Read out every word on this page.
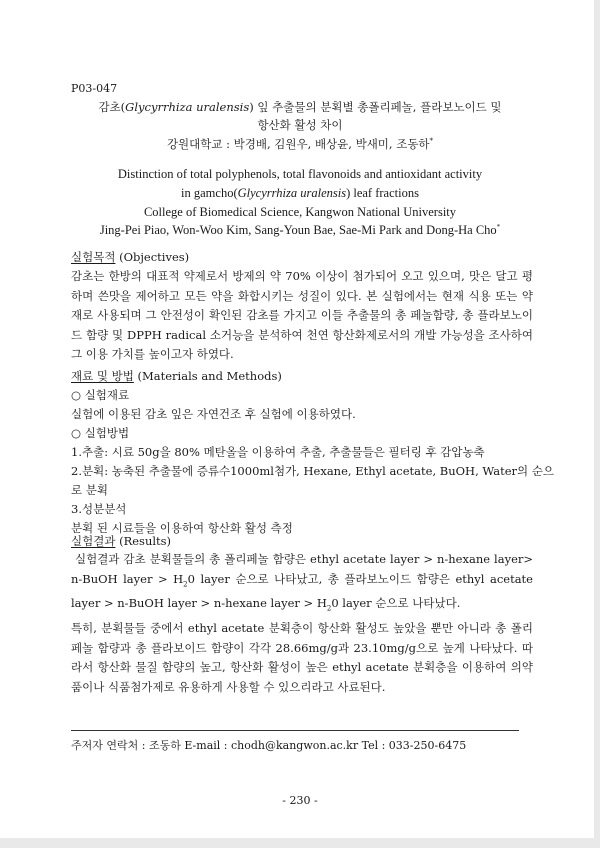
P03-047
감초(Glycyrrhiza uralensis) 잎 추출물의 분획별 총폴리페놀, 플라보노이드 및
항산화 활성 차이
강원대학교 : 박경배, 김원우, 배상윤, 박새미, 조동하*
Distinction of total polyphenols, total flavonoids and antioxidant activity
in gamcho(Glycyrrhiza uralensis) leaf fractions
College of Biomedical Science, Kangwon National University
Jing-Pei Piao, Won-Woo Kim, Sang-Youn Bae, Sae-Mi Park and Dong-Ha Cho*
실험목적 (Objectives)
감초는 한방의 대표적 약제로서 방제의 약 70% 이상이 첨가되어 오고 있으며, 맛은 달고 평하며 쓴맛을 제어하고 모든 약을 화합시키는 성질이 있다. 본 실험에서는 현재 식용 또는 약재로 사용되며 그 안전성이 확인된 감초를 가지고 이들 추출물의 총 페놀함량, 총 플라보노이드 함량 및 DPPH radical 소거능을 분석하여 천연 항산화제로서의 개발 가능성을 조사하여 그 이용 가치를 높이고자 하였다.
재료 및 방법 (Materials and Methods)
○ 실험재료
실험에 이용된 감초 잎은 자연건조 후 실험에 이용하였다.
○ 실험방법
1.추출: 시료 50g을 80% 메탄올을 이용하여 추출, 추출물들은 필터링 후 감압농축
2.분획: 농축된 추출물에 증류수1000ml첨가, Hexane, Ethyl acetate, BuOH, Water의 순으
로 분획
3.성분분석
분획 된 시료들을 이용하여 항산화 활성 측정
실험결과 (Results)
실험결과 감초 분획물들의 총 폴리페놀 함량은 ethyl acetate layer > n-hexane layer> n-BuOH layer > $H_20$ layer 순으로 나타났고, 총 플라보노이드 함량은 ethyl acetate layer > n-BuOH layer > n-hexane layer > $H_20$ layer 순으로 나타났다.
특히, 분획물들 중에서 ethyl acetate 분획층이 항산화 활성도 높았을 뿐만 아니라 총 폴리페놀 함량과 총 플라보이드 함량이 각각 28.66mg/g과 23.10mg/g으로 높게 나타났다. 따라서 항산화 물질 함량의 높고, 항산화 활성이 높은 ethyl acetate 분획층을 이용하여 의약품이나 식품첨가제로 유용하게 사용할 수 있으리라고 사료된다.
주저자 연락처 : 조동하 E-mail : chodh@kangwon.ac.kr Tel : 033-250-6475
- 230 -
